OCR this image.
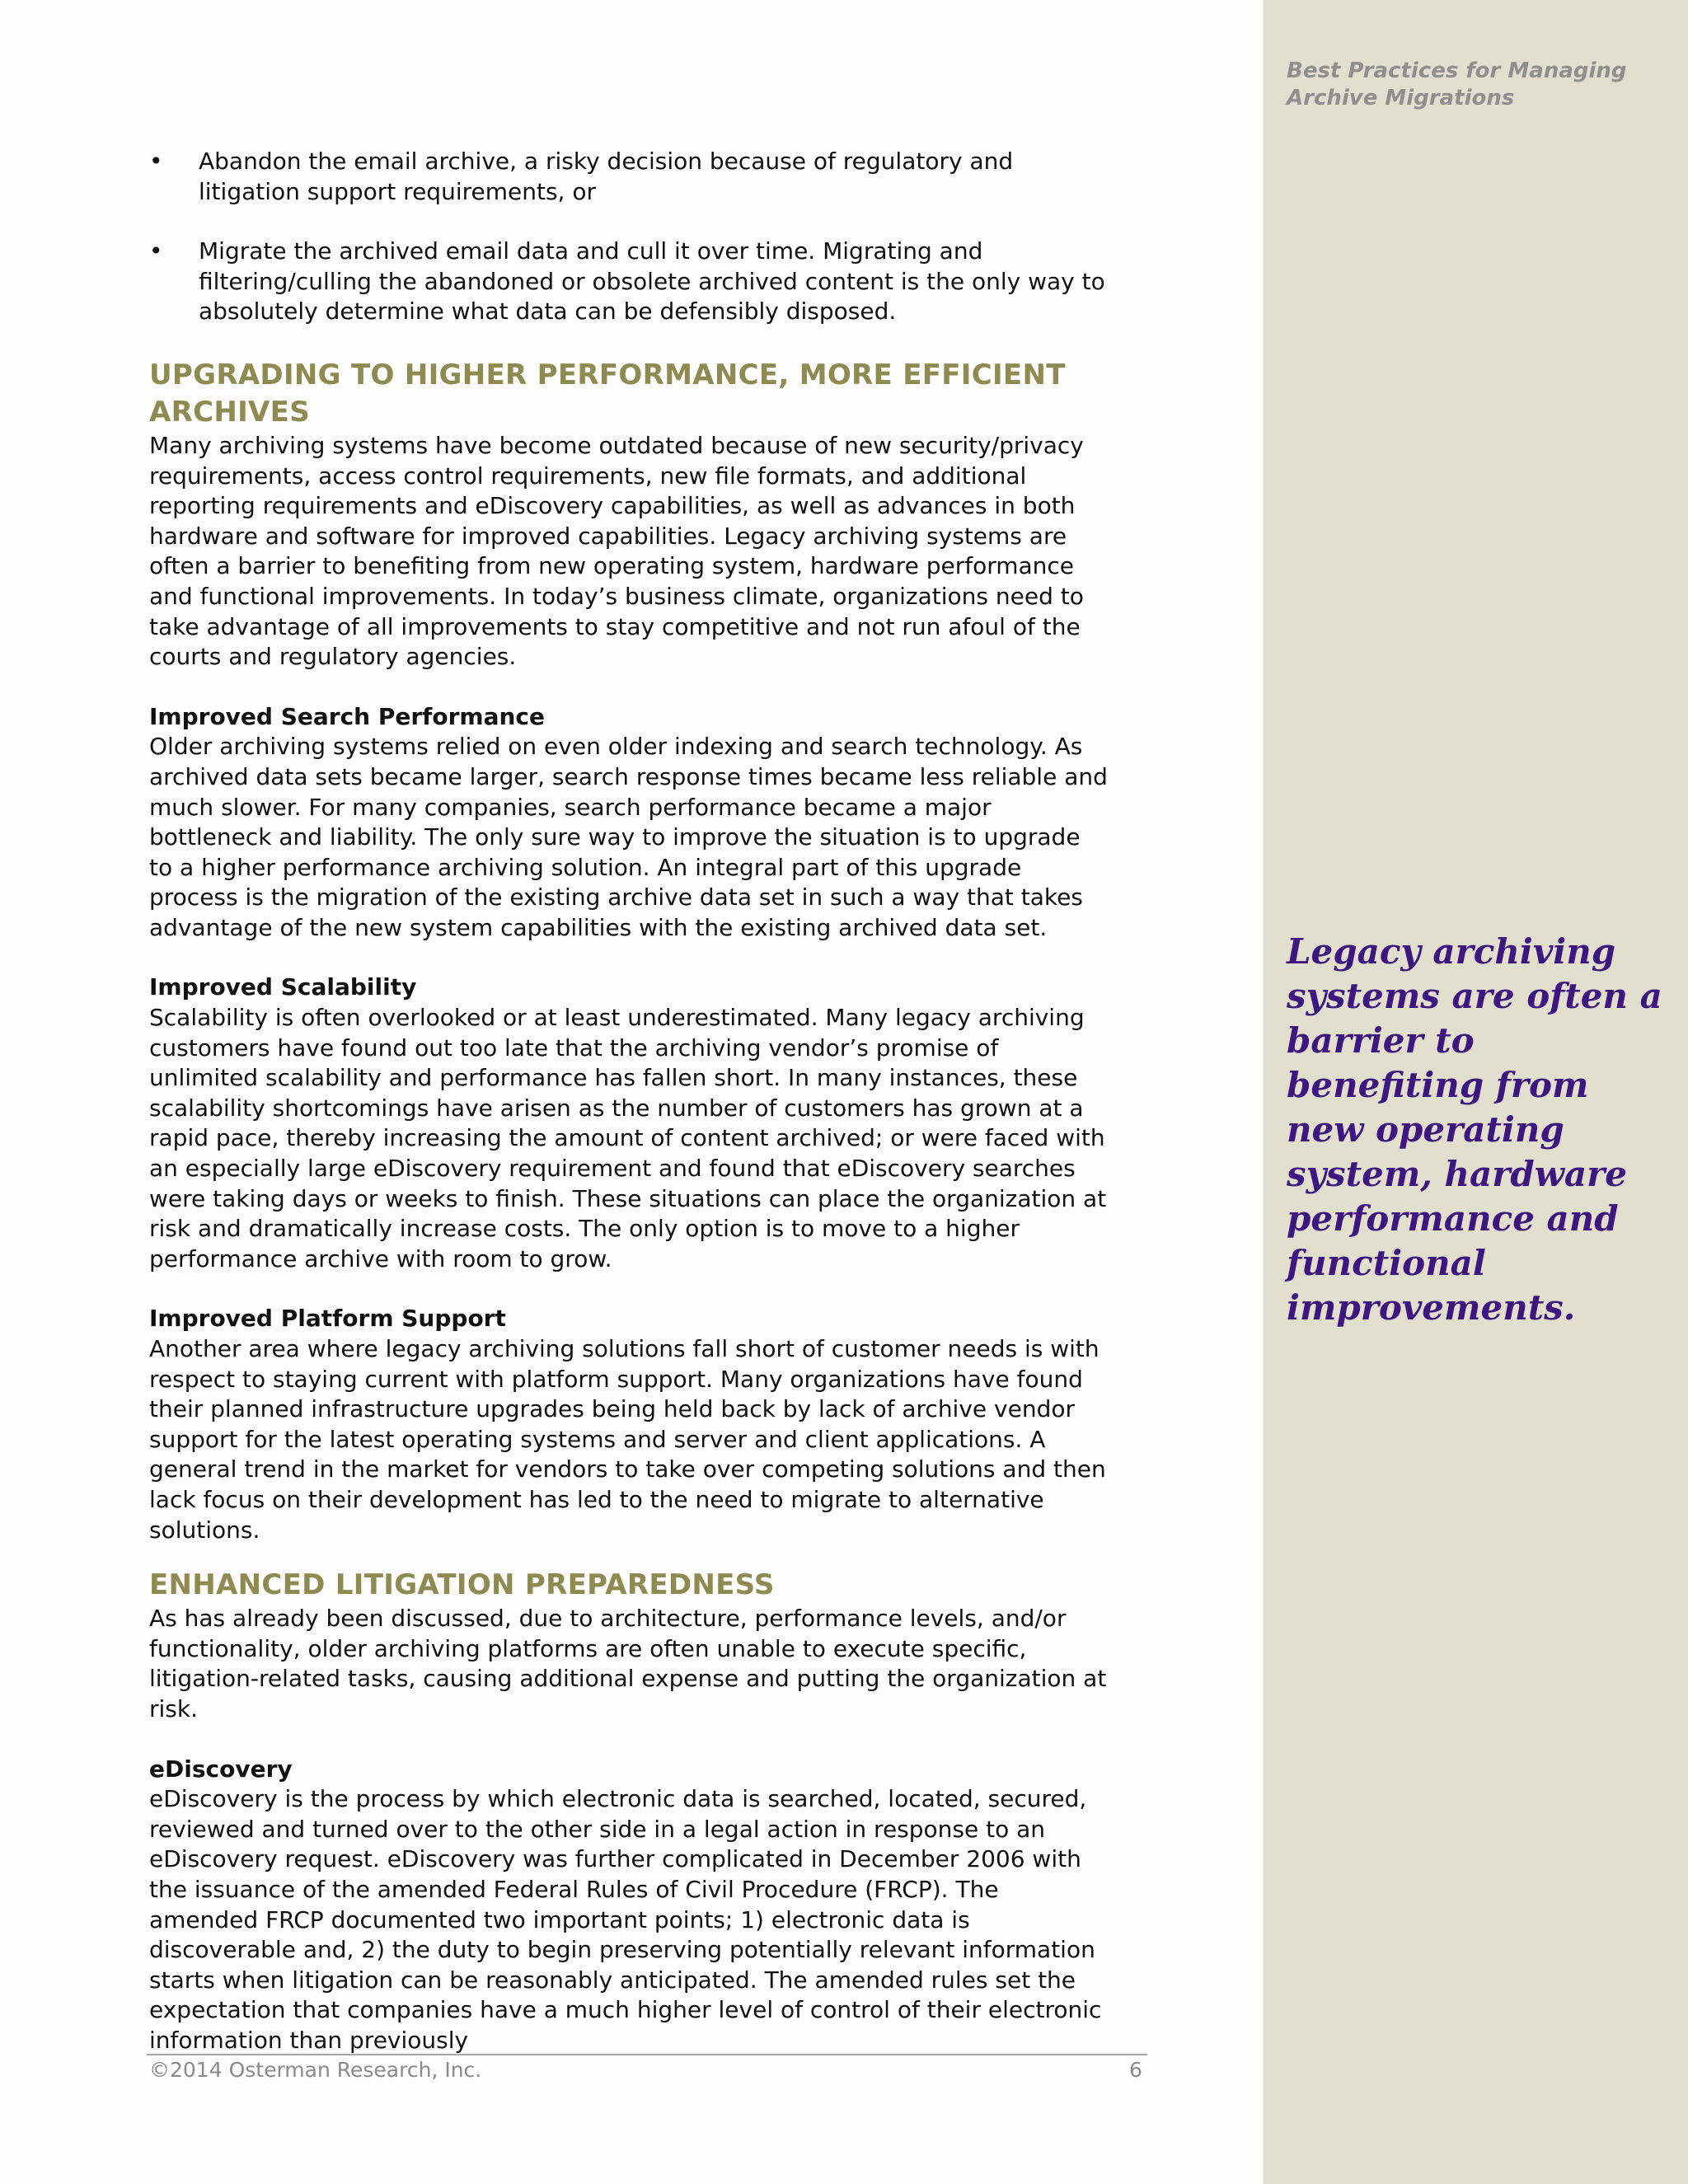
Best Practices for Managing
Archive Migrations
Legacy archiving systems are often a barrier to benefiting from new operating system, hardware performance and functional improvements.
•	Abandon the email archive, a risky decision because of regulatory and litigation support requirements, or
•	Migrate the archived email data and cull it over time. Migrating and filtering/culling the abandoned or obsolete archived content is the only way to absolutely determine what data can be defensibly disposed.
UPGRADING TO HIGHER PERFORMANCE, MORE EFFICIENT ARCHIVES

Many archiving systems have become outdated because of new security/privacy requirements, access control requirements, new file formats, and additional reporting requirements and eDiscovery capabilities, as well as advances in both hardware and software for improved capabilities. Legacy archiving systems are often a barrier to benefiting from new operating system, hardware performance and functional improvements. In today’s business climate, organizations need to take advantage of all improvements to stay competitive and not run afoul of the courts and regulatory agencies.

Improved Search Performance

Older archiving systems relied on even older indexing and search technology. As archived data sets became larger, search response times became less reliable and much slower. For many companies, search performance became a major bottleneck and liability. The only sure way to improve the situation is to upgrade to a higher performance archiving solution. An integral part of this upgrade process is the migration of the existing archive data set in such a way that takes advantage of the new system capabilities with the existing archived data set.

Improved Scalability

Scalability is often overlooked or at least underestimated. Many legacy archiving customers have found out too late that the archiving vendor’s promise of unlimited scalability and performance has fallen short. In many instances, these scalability shortcomings have arisen as the number of customers has grown at a rapid pace, thereby increasing the amount of content archived; or were faced with an especially large eDiscovery requirement and found that eDiscovery searches were taking days or weeks to finish. These situations can place the organization at risk and dramatically increase costs. The only option is to move to a higher performance archive with room to grow.

Improved Platform Support

Another area where legacy archiving solutions fall short of customer needs is with respect to staying current with platform support. Many organizations have found their planned infrastructure upgrades being held back by lack of archive vendor support for the latest operating systems and server and client applications. A general trend in the market for vendors to take over competing solutions and then lack focus on their development has led to the need to migrate to alternative solutions.

ENHANCED LITIGATION PREPAREDNESS

As has already been discussed, due to architecture, performance levels, and/or functionality, older archiving platforms are often unable to execute specific, litigation-related tasks, causing additional expense and putting the organization at risk.

eDiscovery

eDiscovery is the process by which electronic data is searched, located, secured, reviewed and turned over to the other side in a legal action in response to an eDiscovery request. eDiscovery was further complicated in December 2006 with the issuance of the amended Federal Rules of Civil Procedure (FRCP). The amended FRCP documented two important points; 1) electronic data is discoverable and, 2) the duty to begin preserving potentially relevant information starts when litigation can be reasonably anticipated. The amended rules set the expectation that companies have a much higher level of control of their electronic information than previously

©2014 Osterman Research, Inc.	6
